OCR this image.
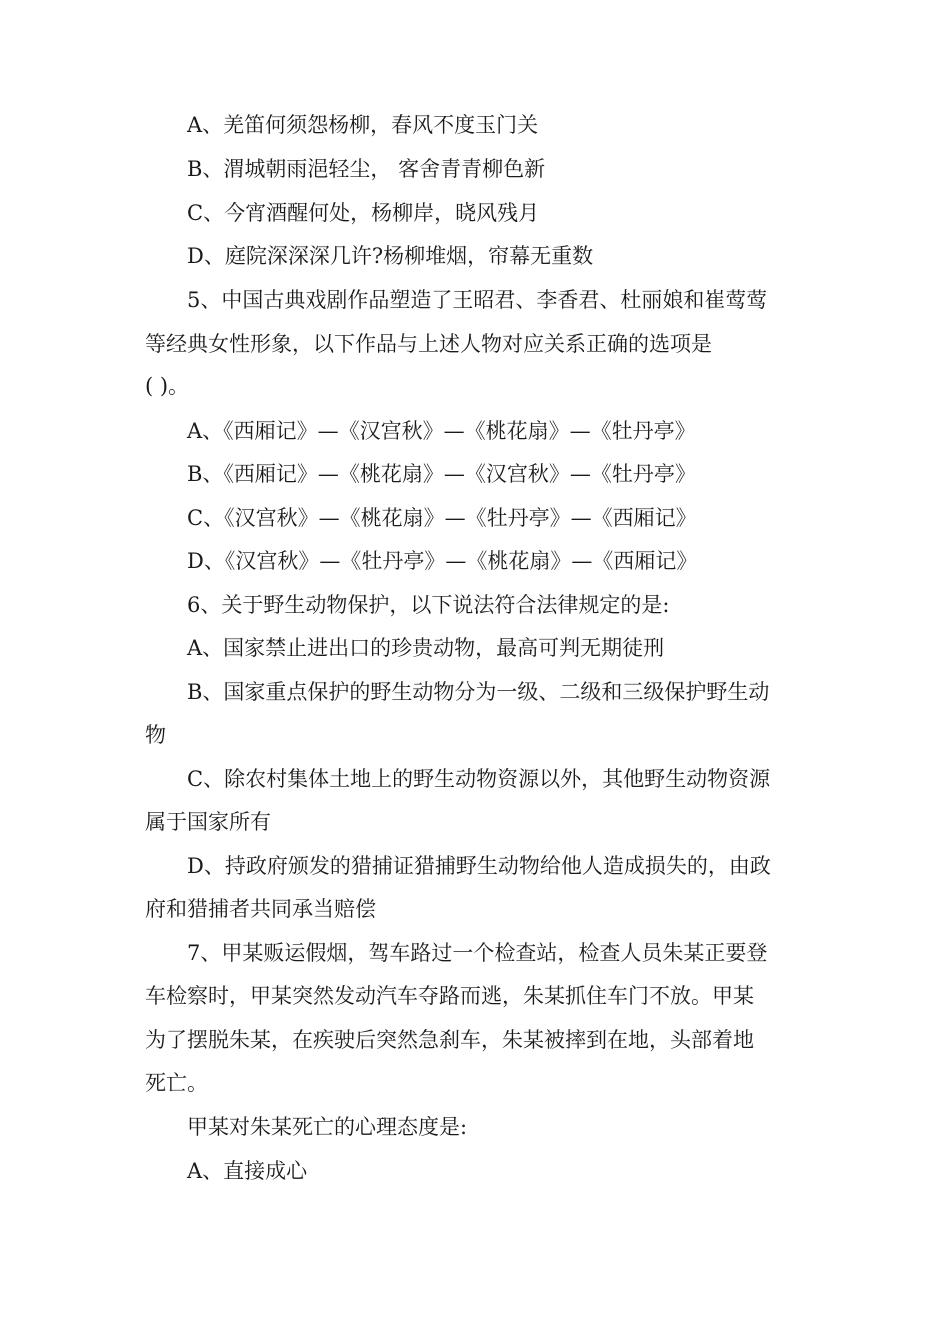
A、羌笛何须怨杨柳，春风不度玉门关
B、渭城朝雨浥轻尘， 客舍青青柳色新
C、今宵酒醒何处，杨柳岸，晓风残月
D、庭院深深深几许?杨柳堆烟，帘幕无重数
5、中国古典戏剧作品塑造了王昭君、李香君、杜丽娘和崔莺莺
等经典女性形象，以下作品与上述人物对应关系正确的选项是
( )。
A、《西厢记》—《汉宫秋》—《桃花扇》—《牡丹亭》
B、《西厢记》—《桃花扇》—《汉宫秋》—《牡丹亭》
C、《汉宫秋》—《桃花扇》—《牡丹亭》—《西厢记》
D、《汉宫秋》—《牡丹亭》—《桃花扇》—《西厢记》
6、关于野生动物保护，以下说法符合法律规定的是:
A、国家禁止进出口的珍贵动物，最高可判无期徒刑
B、国家重点保护的野生动物分为一级、二级和三级保护野生动
物
C、除农村集体土地上的野生动物资源以外，其他野生动物资源
属于国家所有
D、持政府颁发的猎捕证猎捕野生动物给他人造成损失的，由政
府和猎捕者共同承当赔偿
7、甲某贩运假烟，驾车路过一个检查站，检查人员朱某正要登
车检察时，甲某突然发动汽车夺路而逃，朱某抓住车门不放。甲某
为了摆脱朱某，在疾驶后突然急刹车，朱某被摔到在地，头部着地
死亡。
甲某对朱某死亡的心理态度是:
A、直接成心
